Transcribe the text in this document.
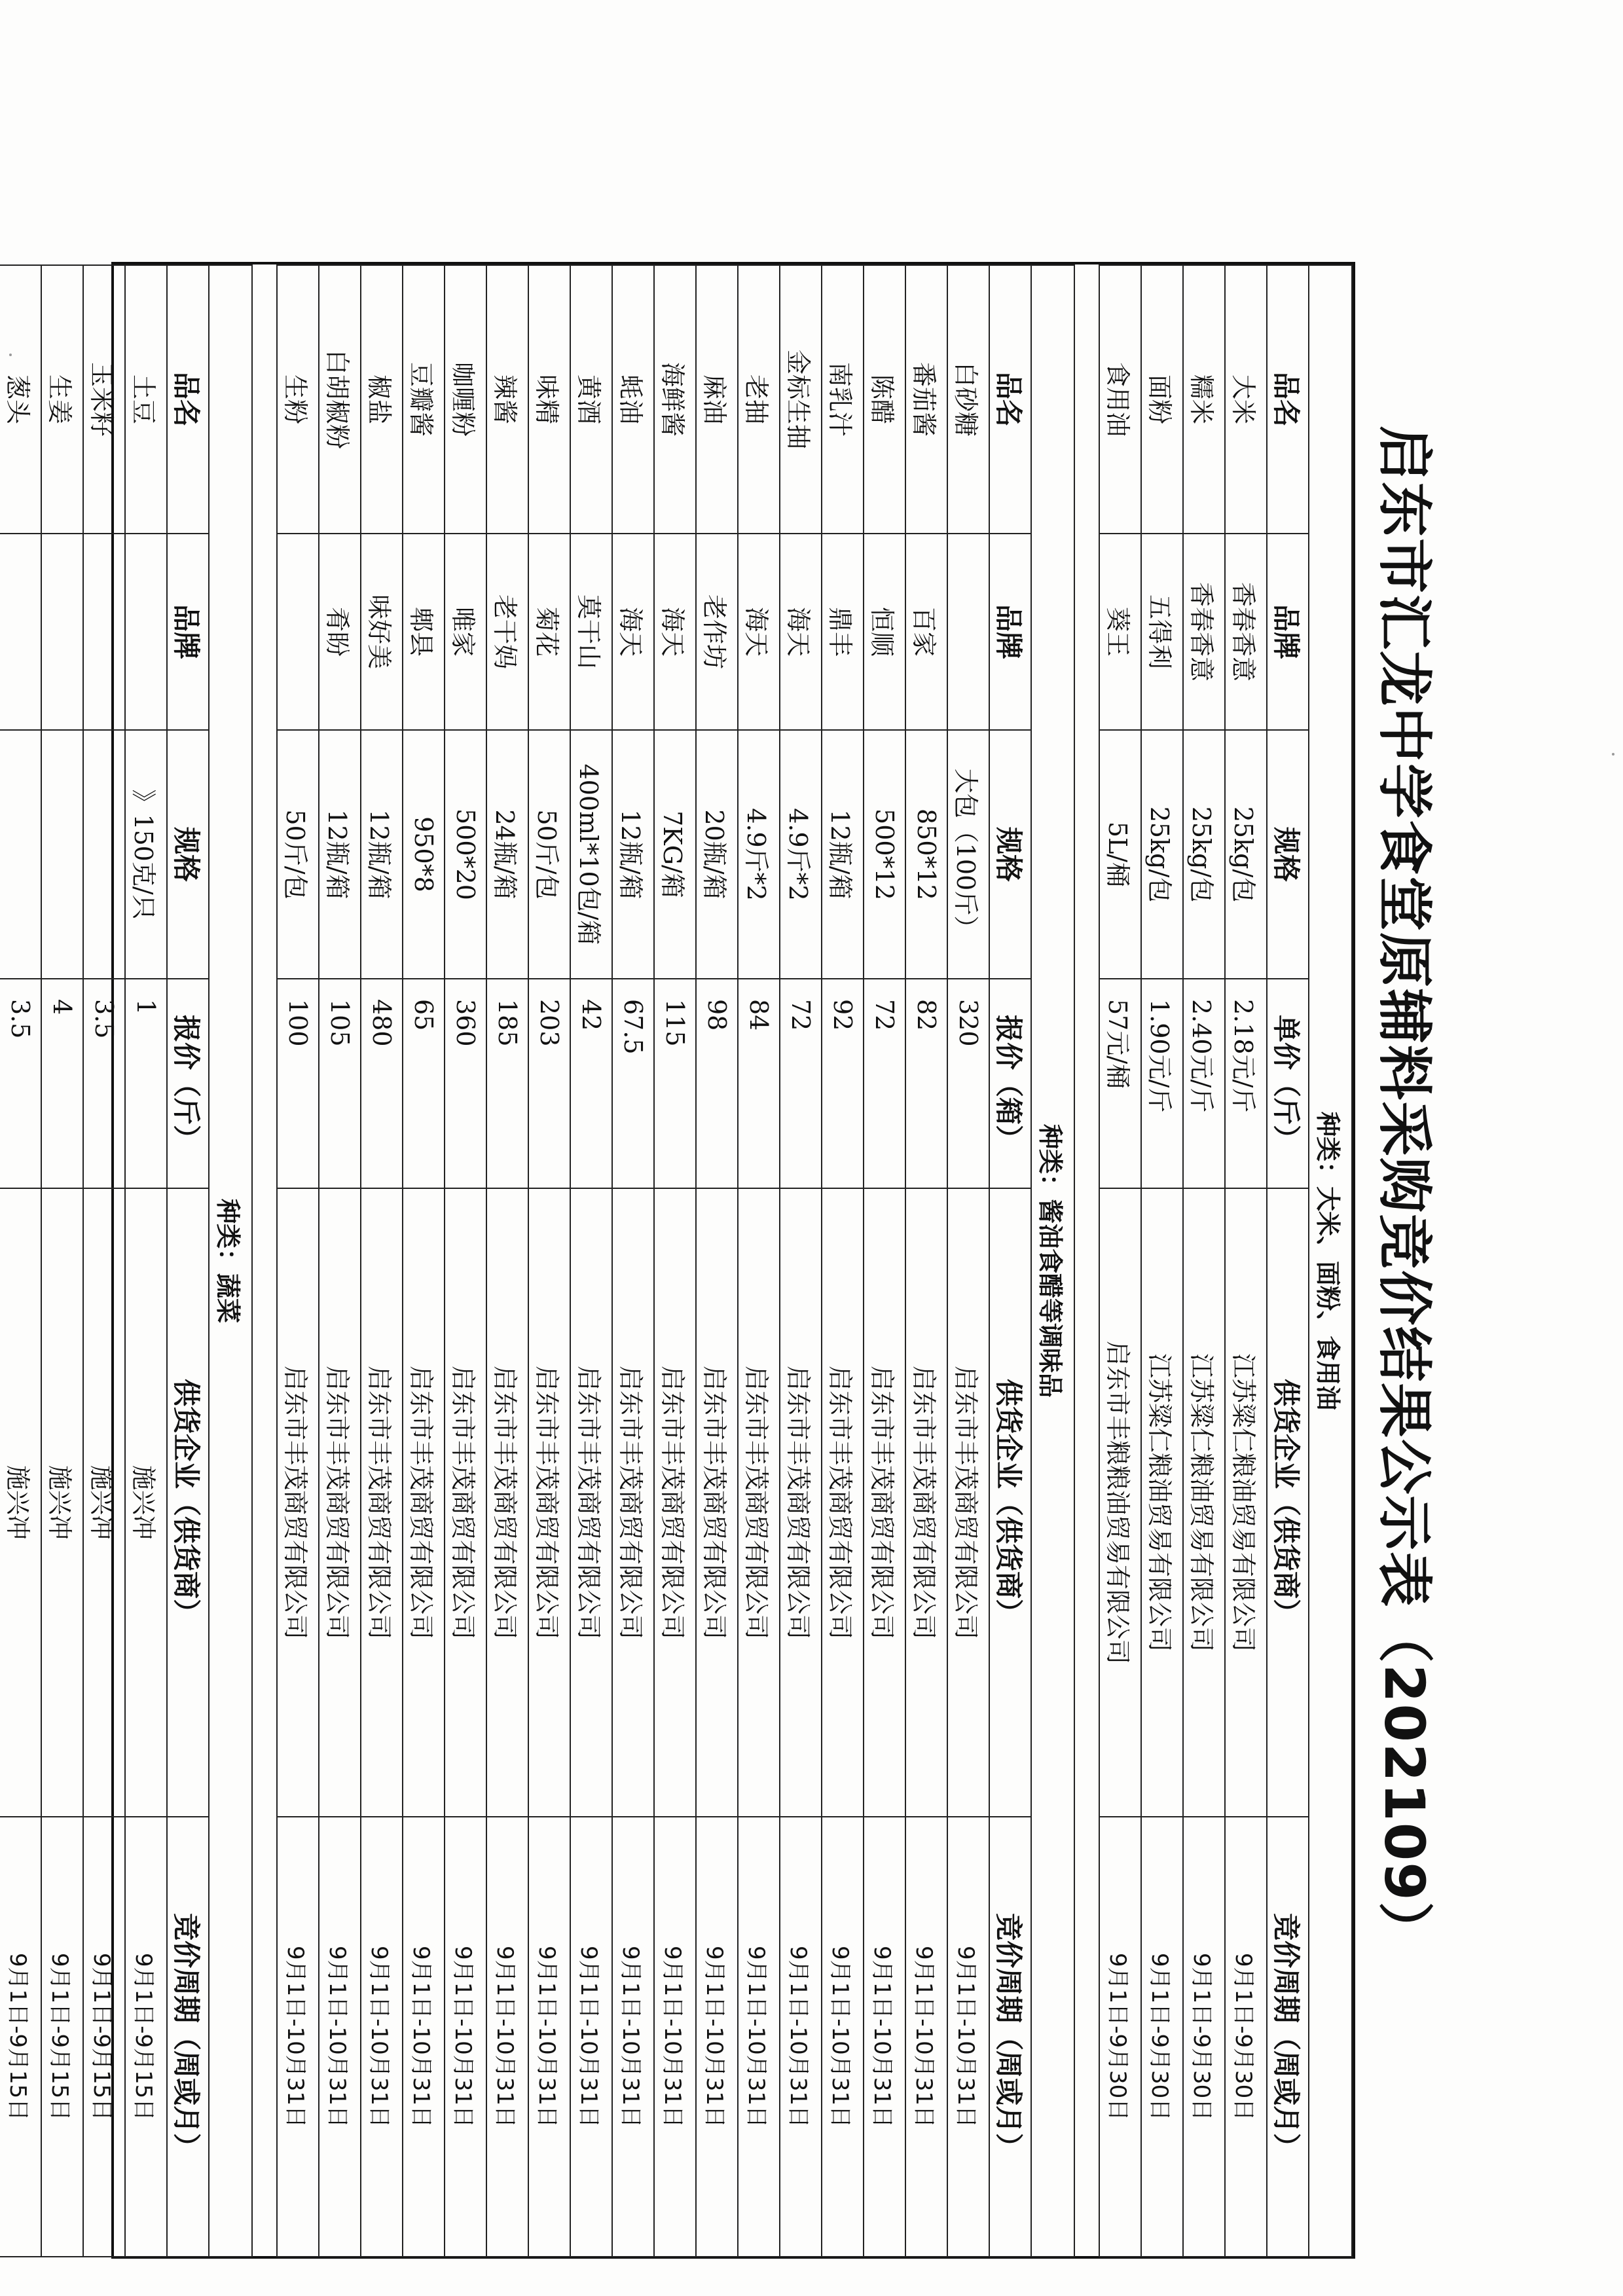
启东市汇龙中学食堂原辅料采购竞价结果公示表（202109）
种类：大米、面粉、食用油					
品名	品牌	规格	单价（斤）	供货企业（供货商）	竞价周期（周或月）
大米	香春香意	25kg/包	2.18元/斤	江苏粱仁粮油贸易有限公司	9月1日-9月30日
糯米	香春香意	25kg/包	2.40元/斤	江苏粱仁粮油贸易有限公司	9月1日-9月30日
面粉	五得利	25kg/包	1.90元/斤	江苏粱仁粮油贸易有限公司	9月1日-9月30日
食用油	葵王	5L/桶	57元/桶	启东市丰粮粮油贸易有限公司	9月1日-9月30日

种类：酱油食醋等调味品					
品名	品牌	规格	报价（箱）	供货企业（供货商）	竞价周期（周或月）
白砂糖		大包（100斤）	320	启东市丰茂商贸有限公司	9月1日-10月31日
番茄酱	百家	850*12	82	启东市丰茂商贸有限公司	9月1日-10月31日
陈醋	恒顺	500*12	72	启东市丰茂商贸有限公司	9月1日-10月31日
南乳汁	鼎丰	12瓶/箱	92	启东市丰茂商贸有限公司	9月1日-10月31日
金标生抽	海天	4.9斤*2	72	启东市丰茂商贸有限公司	9月1日-10月31日
老抽	海天	4.9斤*2	84	启东市丰茂商贸有限公司	9月1日-10月31日
麻油	老作坊	20瓶/箱	98	启东市丰茂商贸有限公司	9月1日-10月31日
海鲜酱	海天	7KG/箱	115	启东市丰茂商贸有限公司	9月1日-10月31日
蚝油	海天	12瓶/箱	67.5	启东市丰茂商贸有限公司	9月1日-10月31日
黄酒	莫干山	400ml*10包/箱	42	启东市丰茂商贸有限公司	9月1日-10月31日
味精	菊花	50斤/包	203	启东市丰茂商贸有限公司	9月1日-10月31日
辣酱	老干妈	24瓶/箱	185	启东市丰茂商贸有限公司	9月1日-10月31日
咖喱粉	唯家	500*20	360	启东市丰茂商贸有限公司	9月1日-10月31日
豆瓣酱	郫县	950*8	65	启东市丰茂商贸有限公司	9月1日-10月31日
椒盐	味好美	12瓶/箱	480	启东市丰茂商贸有限公司	9月1日-10月31日
白胡椒粉	肴盼	12瓶/箱	105	启东市丰茂商贸有限公司	9月1日-10月31日
生粉		50斤/包	100	启东市丰茂商贸有限公司	9月1日-10月31日

种类：蔬菜					
品名	品牌	规格	报价（斤）	供货企业（供货商）	竞价周期（周或月）
土豆		》150克/只	1	施兴冲	9月1日-9月15日
玉米籽			3.5	施兴冲	9月1日-9月15日
生姜			4	施兴冲	9月1日-9月15日
葱头			3.5	施兴冲	9月1日-9月15日
